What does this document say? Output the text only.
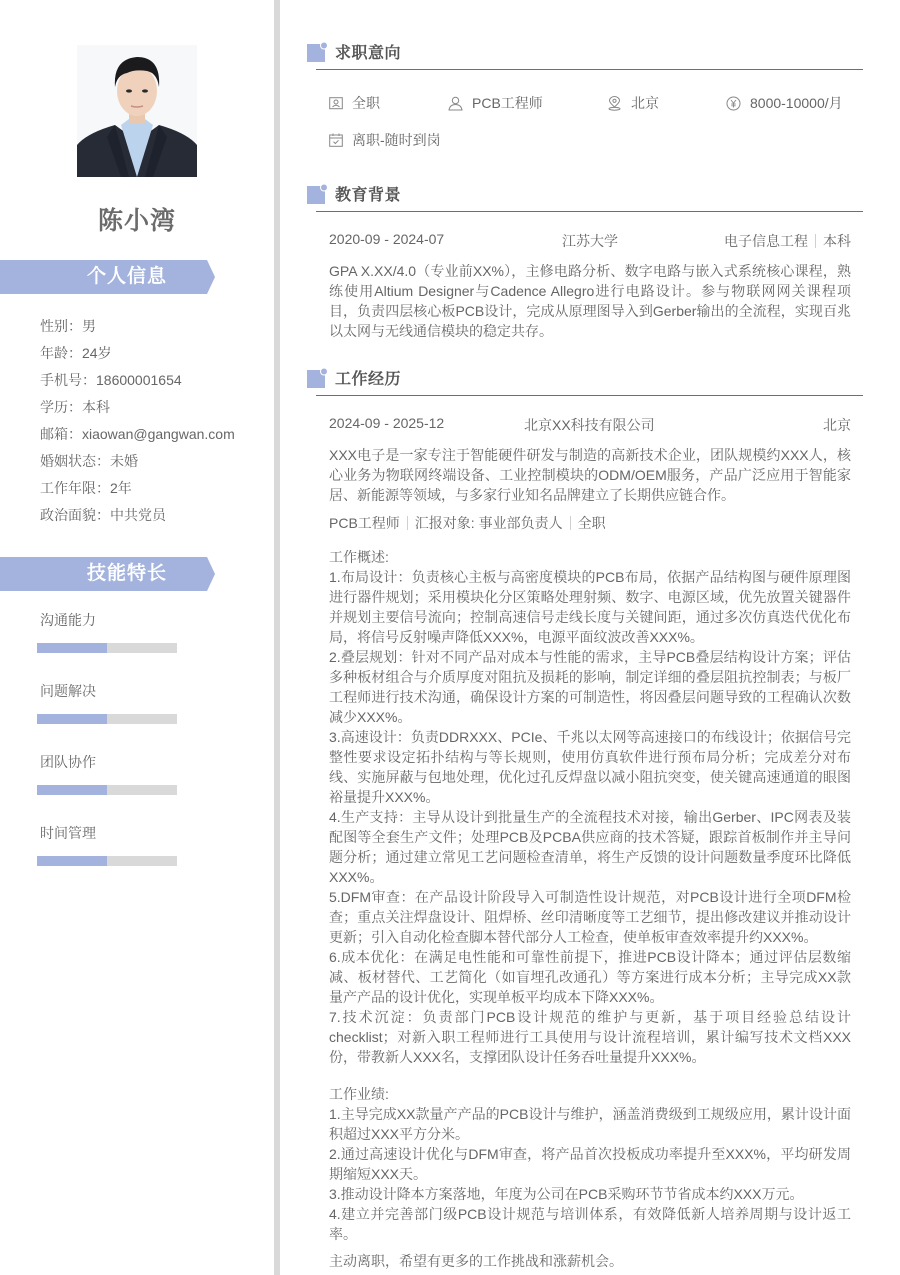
陈小湾
个人信息
性别：男
年龄：24岁
手机号：18600001654
学历：本科
邮箱：xiaowan@gangwan.com
婚姻状态：未婚
工作年限：2年
政治面貌：中共党员
技能特长
沟通能力
问题解决
团队协作
时间管理
求职意向
全职	PCB工程师	北京	8000-10000/月
离职-随时到岗
教育背景
2020-09 - 2024-07	江苏大学	电子信息工程 本科
GPA X.XX/4.0（专业前XX%），主修电路分析、数字电路与嵌入式系统核心课程，熟练使用Altium Designer与Cadence Allegro进行电路设计。参与物联网网关课程项目，负责四层核心板PCB设计，完成从原理图导入到Gerber输出的全流程，实现百兆以太网与无线通信模块的稳定共存。
工作经历
2024-09 - 2025-12	北京XX科技有限公司	北京
XXX电子是一家专注于智能硬件研发与制造的高新技术企业，团队规模约XXX人，核心业务为物联网终端设备、工业控制模块的ODM/OEM服务，产品广泛应用于智能家居、新能源等领域，与多家行业知名品牌建立了长期供应链合作。
PCB工程师 汇报对象: 事业部负责人 全职

工作概述:

1.布局设计：负责核心主板与高密度模块的PCB布局，依据产品结构图与硬件原理图进行器件规划；采用模块化分区策略处理射频、数字、电源区域，优先放置关键器件并规划主要信号流向；控制高速信号走线长度与关键间距，通过多次仿真迭代优化布局，将信号反射噪声降低XXX%，电源平面纹波改善XXX%。

2.叠层规划：针对不同产品对成本与性能的需求，主导PCB叠层结构设计方案；评估多种板材组合与介质厚度对阻抗及损耗的影响，制定详细的叠层阻抗控制表；与板厂工程师进行技术沟通，确保设计方案的可制造性，将因叠层问题导致的工程确认次数减少XXX%。

3.高速设计：负责DDRXXX、PCIe、千兆以太网等高速接口的布线设计；依据信号完整性要求设定拓扑结构与等长规则，使用仿真软件进行预布局分析；完成差分对布线、实施屏蔽与包地处理，优化过孔反焊盘以减小阻抗突变，使关键高速通道的眼图裕量提升XXX%。

4.生产支持：主导从设计到批量生产的全流程技术对接，输出Gerber、IPC网表及装配图等全套生产文件；处理PCB及PCBA供应商的技术答疑，跟踪首板制作并主导问题分析；通过建立常见工艺问题检查清单，将生产反馈的设计问题数量季度环比降低XXX%。

5.DFM审查：在产品设计阶段导入可制造性设计规范，对PCB设计进行全项DFM检查；重点关注焊盘设计、阻焊桥、丝印清晰度等工艺细节，提出修改建议并推动设计更新；引入自动化检查脚本替代部分人工检查，使单板审查效率提升约XXX%。

6.成本优化：在满足电性能和可靠性前提下，推进PCB设计降本；通过评估层数缩减、板材替代、工艺简化（如盲埋孔改通孔）等方案进行成本分析；主导完成XX款量产产品的设计优化，实现单板平均成本下降XXX%。

7.技术沉淀：负责部门PCB设计规范的维护与更新，基于项目经验总结设计checklist；对新入职工程师进行工具使用与设计流程培训，累计编写技术文档XXX份，带教新人XXX名，支撑团队设计任务吞吐量提升XXX%。

工作业绩:

1.主导完成XX款量产产品的PCB设计与维护，涵盖消费级到工规级应用，累计设计面积超过XXX平方分米。

2.通过高速设计优化与DFM审查，将产品首次投板成功率提升至XXX%，平均研发周期缩短XXX天。

3.推动设计降本方案落地，年度为公司在PCB采购环节节省成本约XXX万元。

4.建立并完善部门级PCB设计规范与培训体系，有效降低新人培养周期与设计返工率。

主动离职，希望有更多的工作挑战和涨薪机会。
